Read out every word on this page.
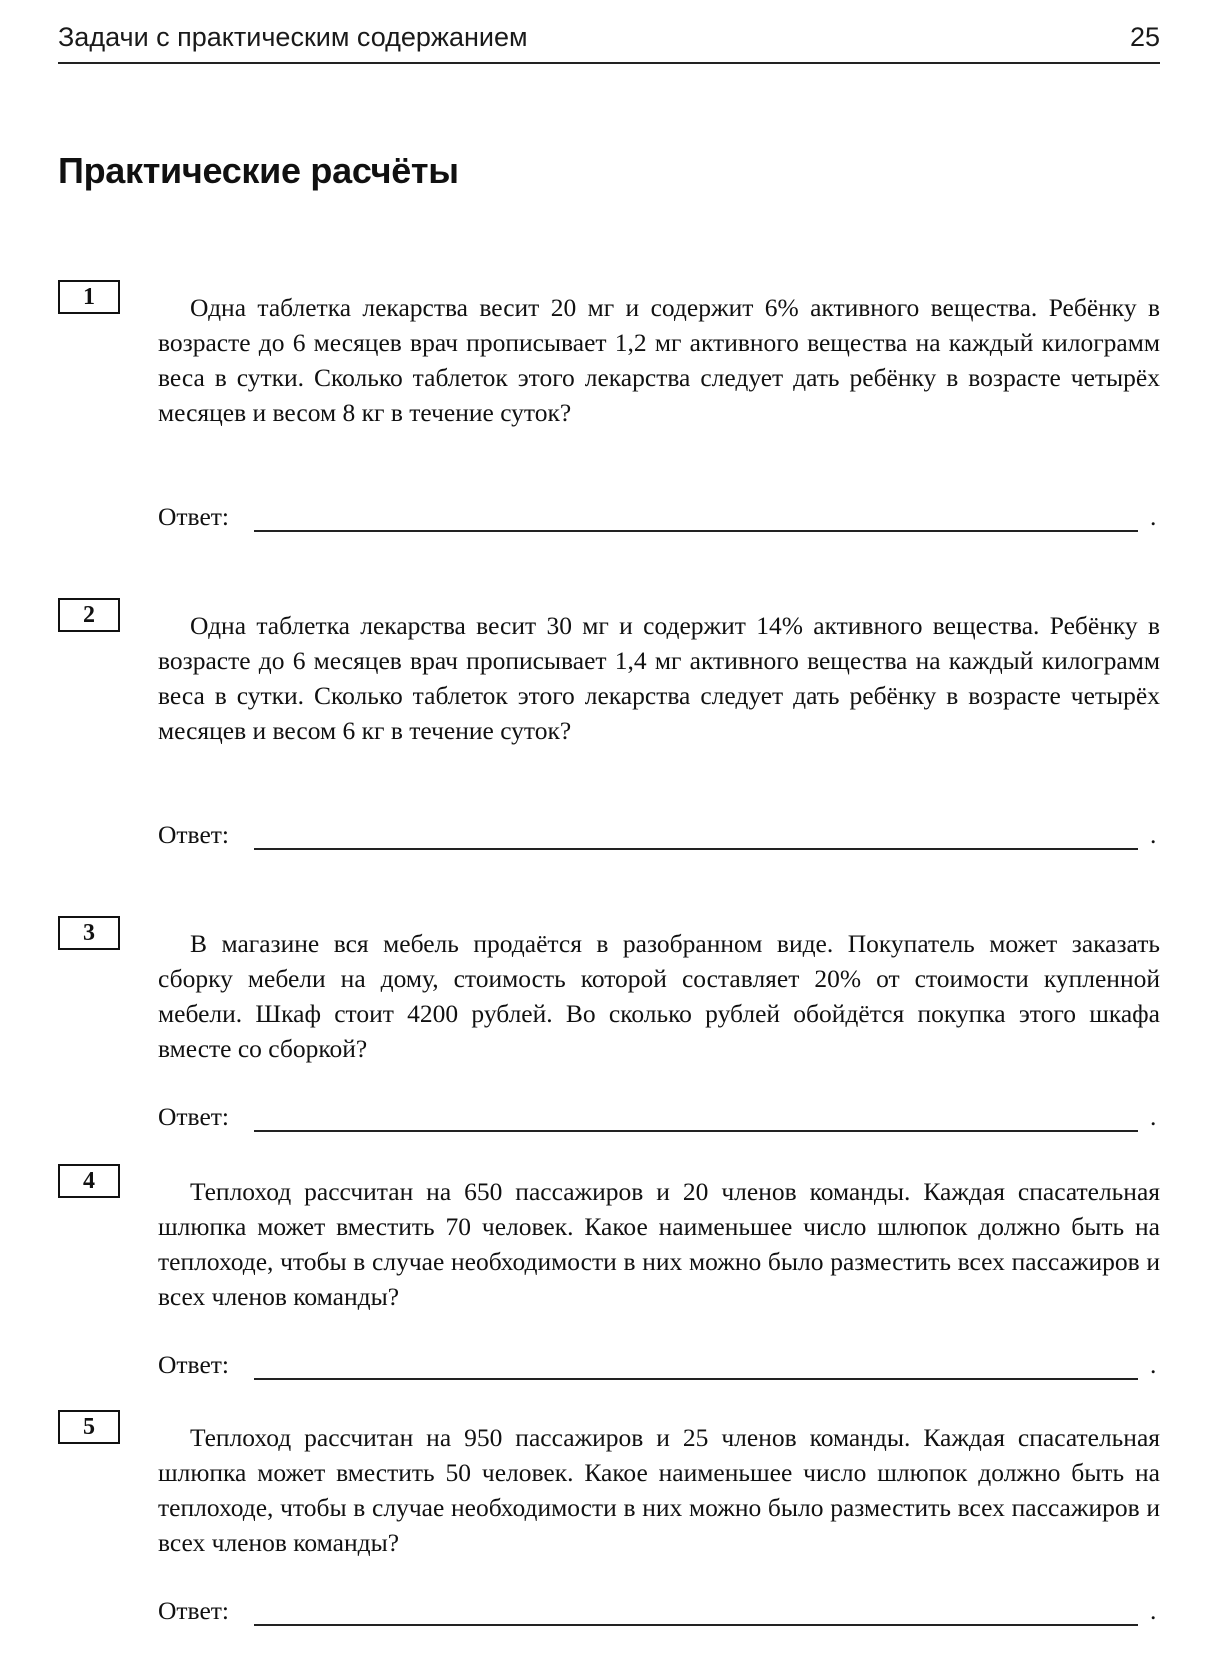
Задачи с практическим содержанием	25
Практические расчёты
1	Одна таблетка лекарства весит 20 мг и содержит 6% активного вещества. Ребёнку в возрасте до 6 месяцев врач прописывает 1,2 мг активного вещества на каждый килограмм веса в сутки. Сколько таблеток этого лекарства следует дать ребёнку в возрасте четырёх месяцев и весом 8 кг в течение суток?
Ответ:	.
2	Одна таблетка лекарства весит 30 мг и содержит 14% активного вещества. Ребёнку в возрасте до 6 месяцев врач прописывает 1,4 мг активного вещества на каждый килограмм веса в сутки. Сколько таблеток этого лекарства следует дать ребёнку в возрасте четырёх месяцев и весом 6 кг в течение суток?
Ответ:	.
3	В магазине вся мебель продаётся в разобранном виде. Покупатель может заказать сборку мебели на дому, стоимость которой составляет 20% от стоимости купленной мебели. Шкаф стоит 4200 рублей. Во сколько рублей обойдётся покупка этого шкафа вместе со сборкой?
Ответ:	.
4	Теплоход рассчитан на 650 пассажиров и 20 членов команды. Каждая спасательная шлюпка может вместить 70 человек. Какое наименьшее число шлюпок должно быть на теплоходе, чтобы в случае необходимости в них можно было разместить всех пассажиров и всех членов команды?
Ответ:	.
5	Теплоход рассчитан на 950 пассажиров и 25 членов команды. Каждая спасательная шлюпка может вместить 50 человек. Какое наименьшее число шлюпок должно быть на теплоходе, чтобы в случае необходимости в них можно было разместить всех пассажиров и всех членов команды?
Ответ:	.
